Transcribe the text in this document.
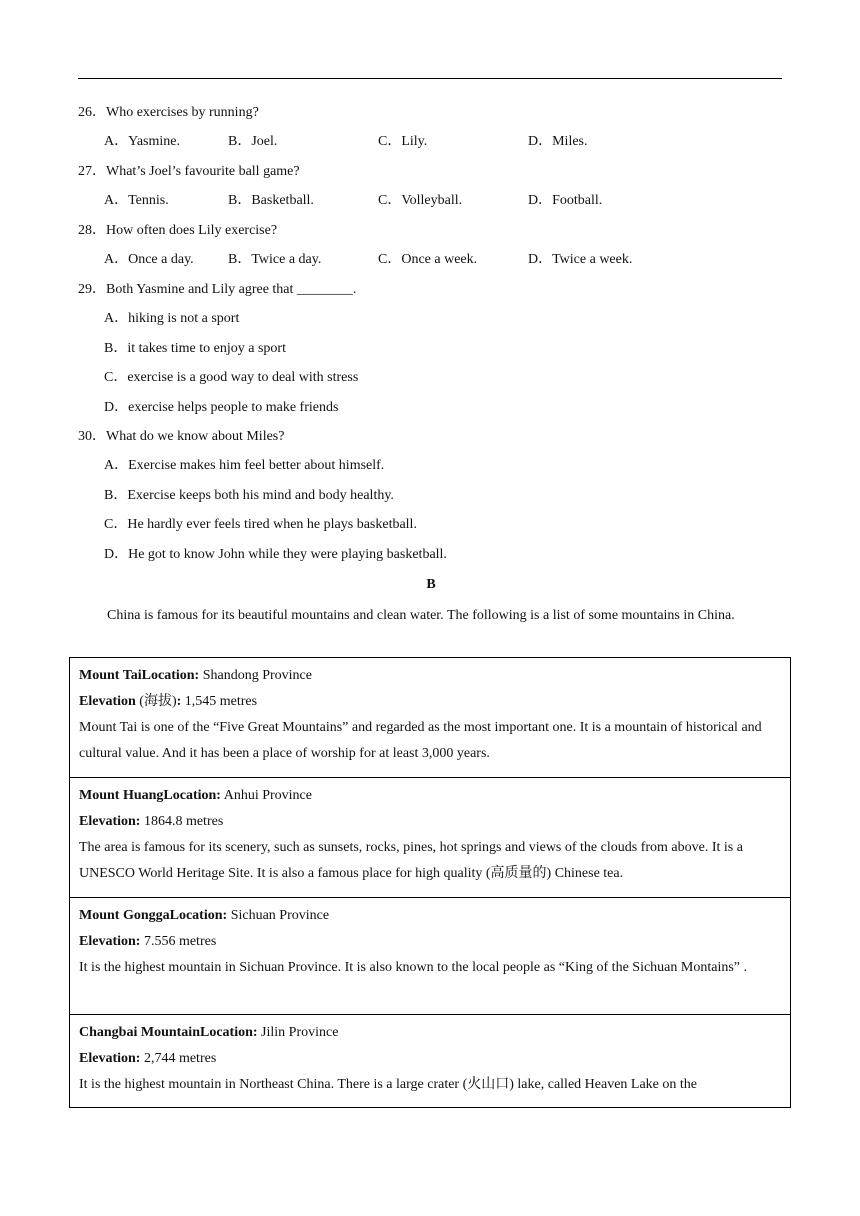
26．Who exercises by running?
A．Yasmine.	B．Joel.	C．Lily.	D．Miles.
27．What’s Joel’s favourite ball game?
A．Tennis.	B．Basketball.	C．Volleyball.	D．Football.
28．How often does Lily exercise?
A．Once a day. B．Twice a day.	C．Once a week.	D．Twice a week.
29．Both Yasmine and Lily agree that ________.
A．hiking is not a sport
B．it takes time to enjoy a sport
C．exercise is a good way to deal with stress
D．exercise helps people to make friends
30．What do we know about Miles?
A．Exercise makes him feel better about himself.
B．Exercise keeps both his mind and body healthy.
C．He hardly ever feels tired when he plays basketball.
D．He got to know John while they were playing basketball.
B
China is famous for its beautiful mountains and clean water. The following is a list of some mountains in China.
Mount TaiLocation: Shandong Province
Elevation (海拔): 1,545 metres
Mount Tai is one of the “Five Great Mountains” and regarded as the most important one. It is a mountain of historical and cultural value. And it has been a place of worship for at least 3,000 years.
Mount HuangLocation: Anhui Province
Elevation: 1864.8 metres
The area is famous for its scenery, such as sunsets, rocks, pines, hot springs and views of the clouds from above. It is a UNESCO World Heritage Site. It is also a famous place for high quality (高质量的) Chinese tea.
Mount GonggaLocation: Sichuan Province
Elevation: 7.556 metres
It is the highest mountain in Sichuan Province. It is also known to the local people as “King of the Sichuan Montains” .
Changbai MountainLocation: Jilin Province
Elevation: 2,744 metres
It is the highest mountain in Northeast China. There is a large crater (火山口) lake, called Heaven Lake on the
